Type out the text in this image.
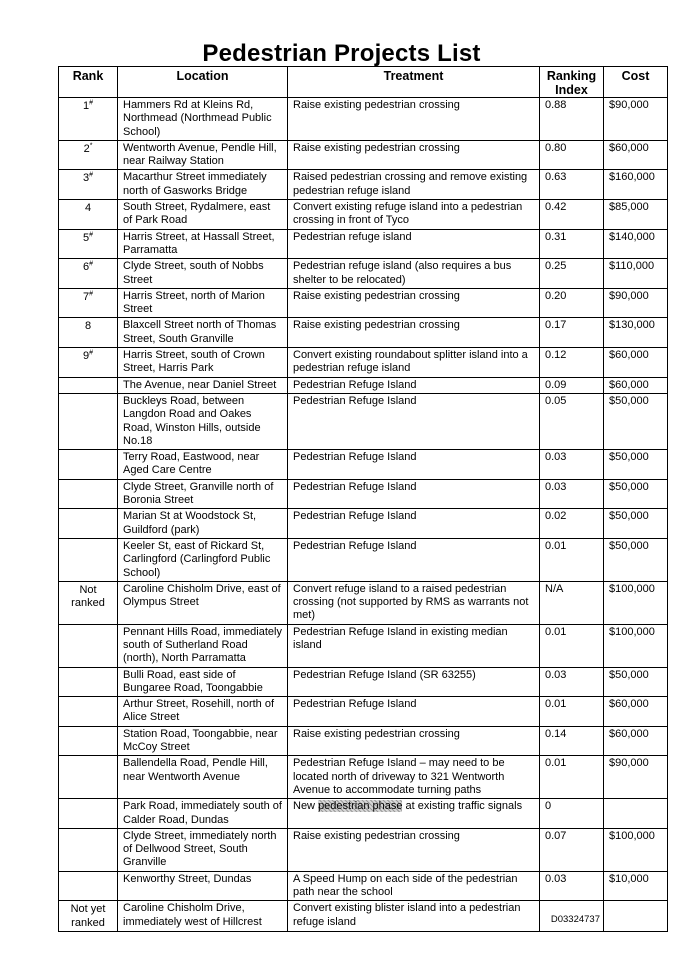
Pedestrian Projects List
Rank	Location	Treatment	Ranking Index	Cost
1#	Hammers Rd at Kleins Rd, Northmead (Northmead Public School)	Raise existing pedestrian crossing	0.88	$90,000
2*	Wentworth Avenue, Pendle Hill, near Railway Station	Raise existing pedestrian crossing	0.80	$60,000
3#	Macarthur Street immediately north of Gasworks Bridge	Raised pedestrian crossing and remove existing pedestrian refuge island	0.63	$160,000
4	South Street, Rydalmere, east of Park Road	Convert existing refuge island into a pedestrian crossing in front of Tyco	0.42	$85,000
5#	Harris Street, at Hassall Street, Parramatta	Pedestrian refuge island	0.31	$140,000
6#	Clyde Street, south of Nobbs Street	Pedestrian refuge island (also requires a bus shelter to be relocated)	0.25	$110,000
7#	Harris Street, north of Marion Street	Raise existing pedestrian crossing	0.20	$90,000
8	Blaxcell Street north of Thomas Street, South Granville	Raise existing pedestrian crossing	0.17	$130,000
9#	Harris Street, south of Crown Street, Harris Park	Convert existing roundabout splitter island into a pedestrian refuge island	0.12	$60,000
	The Avenue, near Daniel Street	Pedestrian Refuge Island	0.09	$60,000
	Buckleys Road, between Langdon Road and Oakes Road, Winston Hills, outside No.18	Pedestrian Refuge Island	0.05	$50,000
	Terry Road, Eastwood, near Aged Care Centre	Pedestrian Refuge Island	0.03	$50,000
	Clyde Street, Granville north of Boronia Street	Pedestrian Refuge Island	0.03	$50,000
	Marian St at Woodstock St, Guildford (park)	Pedestrian Refuge Island	0.02	$50,000
	Keeler St, east of Rickard St, Carlingford (Carlingford Public School)	Pedestrian Refuge Island	0.01	$50,000
Not ranked	Caroline Chisholm Drive, east of Olympus Street	Convert refuge island to a raised pedestrian crossing (not supported by RMS as warrants not met)	N/A	$100,000
	Pennant Hills Road, immediately south of Sutherland Road (north), North Parramatta	Pedestrian Refuge Island in existing median island	0.01	$100,000
	Bulli Road, east side of Bungaree Road, Toongabbie	Pedestrian Refuge Island (SR 63255)	0.03	$50,000
	Arthur Street, Rosehill, north of Alice Street	Pedestrian Refuge Island	0.01	$60,000
	Station Road, Toongabbie, near McCoy Street	Raise existing pedestrian crossing	0.14	$60,000
	Ballendella Road, Pendle Hill, near Wentworth Avenue	Pedestrian Refuge Island – may need to be located north of driveway to 321 Wentworth Avenue to accommodate turning paths	0.01	$90,000
	Park Road, immediately south of Calder Road, Dundas	New pedestrian phase at existing traffic signals	0	
	Clyde Street, immediately north of Dellwood Street, South Granville	Raise existing pedestrian crossing	0.07	$100,000
	Kenworthy Street, Dundas	A Speed Hump on each side of the pedestrian path near the school	0.03	$10,000
Not yet ranked	Caroline Chisholm Drive, immediately west of Hillcrest	Convert existing blister island into a pedestrian refuge island			D03324737
